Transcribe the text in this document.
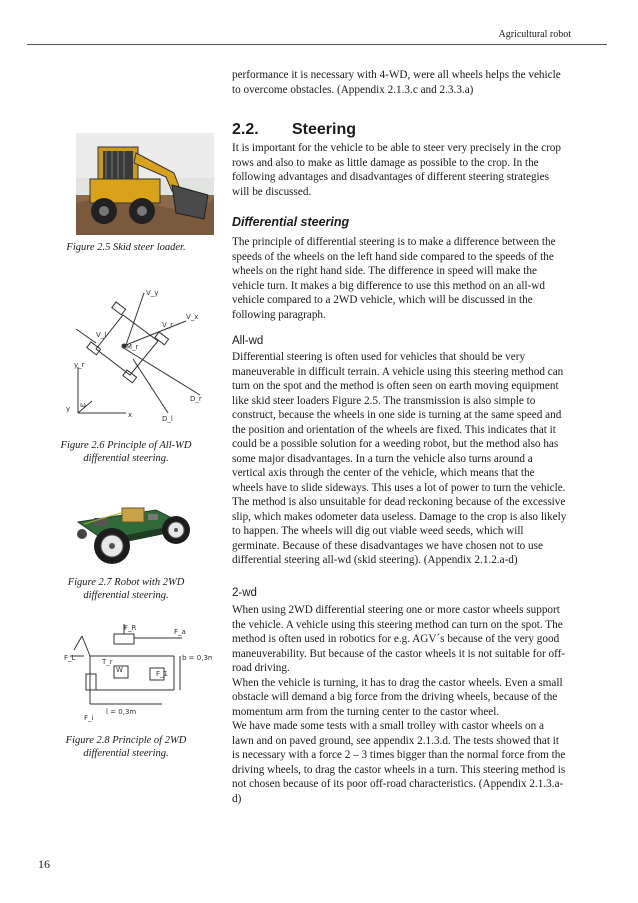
Agricultural robot

performance it is necessary with 4-WD, were all wheels helps the vehicle to overcome obstacles. (Appendix 2.1.3.c and 2.3.3.a)

2.2. Steering

It is important for the vehicle to be able to steer very precisely in the crop rows and also to make as little damage as possible to the crop. In the following advantages and disadvantages of different steering strategies will be discussed.

Differential steering

The principle of differential steering is to make a difference between the speeds of the wheels on the left hand side compared to the speeds of the wheels on the right hand side. The difference in speed will make the vehicle turn. It makes a big difference to use this method on an all-wd vehicle compared to a 2WD vehicle, which will be discussed in the following paragraph.

All-wd

Differential steering is often used for vehicles that should be very maneuverable in difficult terrain. A vehicle using this steering method can turn on the spot and the method is often seen on earth moving equipment like skid steer loaders Figure 2.5. The transmission is also simple to construct, because the wheels in one side is turning at the same speed and the position and orientation of the wheels are fixed. This indicates that it could be a possible solution for a weeding robot, but the method also has some major disadvantages. In a turn the vehicle also turns around a vertical axis through the center of the vehicle, which means that the wheels have to slide sideways. This uses a lot of power to turn the vehicle. The method is also unsuitable for dead reckoning because of the excessive slip, which makes odometer data useless. Damage to the crop is also likely to happen. The wheels will dig out viable weed seeds, which will germinate. Because of these disadvantages we have chosen not to use differential steering all-wd (skid steering). (Appendix 2.1.2.a-d)

2-wd

When using 2WD differential steering one or more castor wheels support the vehicle. A vehicle using this steering method can turn on the spot. The method is often used in robotics for e.g. AGV´s because of the very good maneuverability. But because of the castor wheels it is not suitable for off-road driving.

When the vehicle is turning, it has to drag the castor wheels. Even a small obstacle will demand a big force from the driving wheels, because of the momentum arm from the turning center to the castor wheel.

We have made some tests with a small trolley with castor wheels on a lawn and on paved ground, see appendix 2.1.3.d. The tests showed that it is necessary with a force 2 – 3 times bigger than the normal force from the driving wheels, to drag the castor wheels in a turn. This steering method is not chosen because of its poor off-road characteristics. (Appendix 2.1.3.a-d)

Figure 2.5 Skid steer loader.
y_r
M_r
V_y
V_x
V_r
V_l
D_r
D_l
y
x
ω
Figure 2.6 Principle of All-WD differential steering.
Figure 2.7 Robot with 2WD differential steering.
F_R	F_a
F_L	T_r
W	F_1
b = 0,3m
l = 0,3m
F_i
Figure 2.8 Principle of 2WD differential steering.
16
